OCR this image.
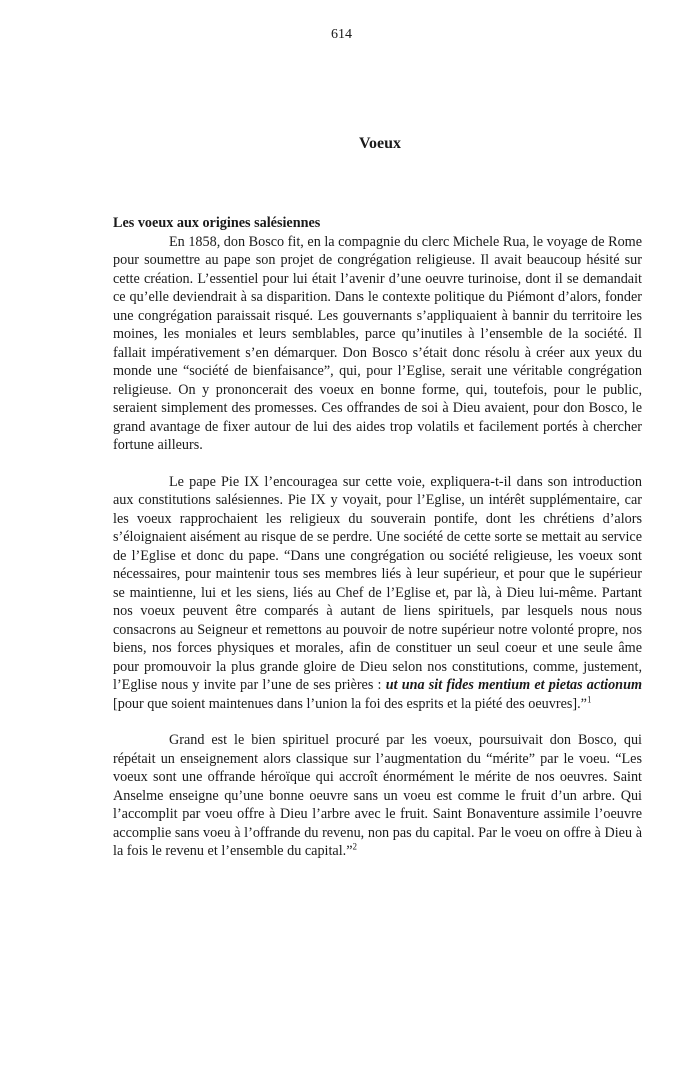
614
Voeux

Les voeux aux origines salésiennes

En 1858, don Bosco fit, en la compagnie du clerc Michele Rua, le voyage de Rome pour soumettre au pape son projet de congrégation religieuse. Il avait beaucoup hésité sur cette création. L’essentiel pour lui était l’avenir d’une oeuvre turinoise, dont il se demandait ce qu’elle deviendrait à sa disparition. Dans le contexte politique du Piémont d’alors, fonder une congrégation paraissait risqué. Les gouvernants s’appliquaient à bannir du territoire les moines, les moniales et leurs semblables, parce qu’inutiles à l’ensemble de la société. Il fallait impérativement s’en démarquer. Don Bosco s’était donc résolu à créer aux yeux du monde une “société de bienfaisance”, qui, pour l’Eglise, serait une véritable congrégation religieuse. On y prononcerait des voeux en bonne forme, qui, toutefois, pour le public, seraient simplement des promesses. Ces offrandes de soi à Dieu avaient, pour don Bosco, le grand avantage de fixer autour de lui des aides trop volatils et facilement portés à chercher fortune ailleurs.

Le pape Pie IX l’encouragea sur cette voie, expliquera-t-il dans son introduction aux constitutions salésiennes. Pie IX y voyait, pour l’Eglise, un intérêt supplémentaire, car les voeux rapprochaient les religieux du souverain pontife, dont les chrétiens d’alors s’éloignaient aisément au risque de se perdre. Une société de cette sorte se mettait au service de l’Eglise et donc du pape. “Dans une congrégation ou société religieuse, les voeux sont nécessaires, pour maintenir tous ses membres liés à leur supérieur, et pour que le supérieur se maintienne, lui et les siens, liés au Chef de l’Eglise et, par là, à Dieu lui-même. Partant nos voeux peuvent être comparés à autant de liens spirituels, par lesquels nous nous consacrons au Seigneur et remettons au pouvoir de notre supérieur notre volonté propre, nos biens, nos forces physiques et morales, afin de constituer un seul coeur et une seule âme pour promouvoir la plus grande gloire de Dieu selon nos constitutions, comme, justement, l’Eglise nous y invite par l’une de ses prières : ut una sit fides mentium et pietas actionum [pour que soient maintenues dans l’union la foi des esprits et la piété des oeuvres].”$^1$

Grand est le bien spirituel procuré par les voeux, poursuivait don Bosco, qui répétait un enseignement alors classique sur l’augmentation du “mérite” par le voeu. “Les voeux sont une offrande héroïque qui accroît énormément le mérite de nos oeuvres. Saint Anselme enseigne qu’une bonne oeuvre sans un voeu est comme le fruit d’un arbre. Qui l’accomplit par voeu offre à Dieu l’arbre avec le fruit. Saint Bonaventure assimile l’oeuvre accomplie sans voeu à l’offrande du revenu, non pas du capital. Par le voeu on offre à Dieu à la fois le revenu et l’ensemble du capital.”$^2$
